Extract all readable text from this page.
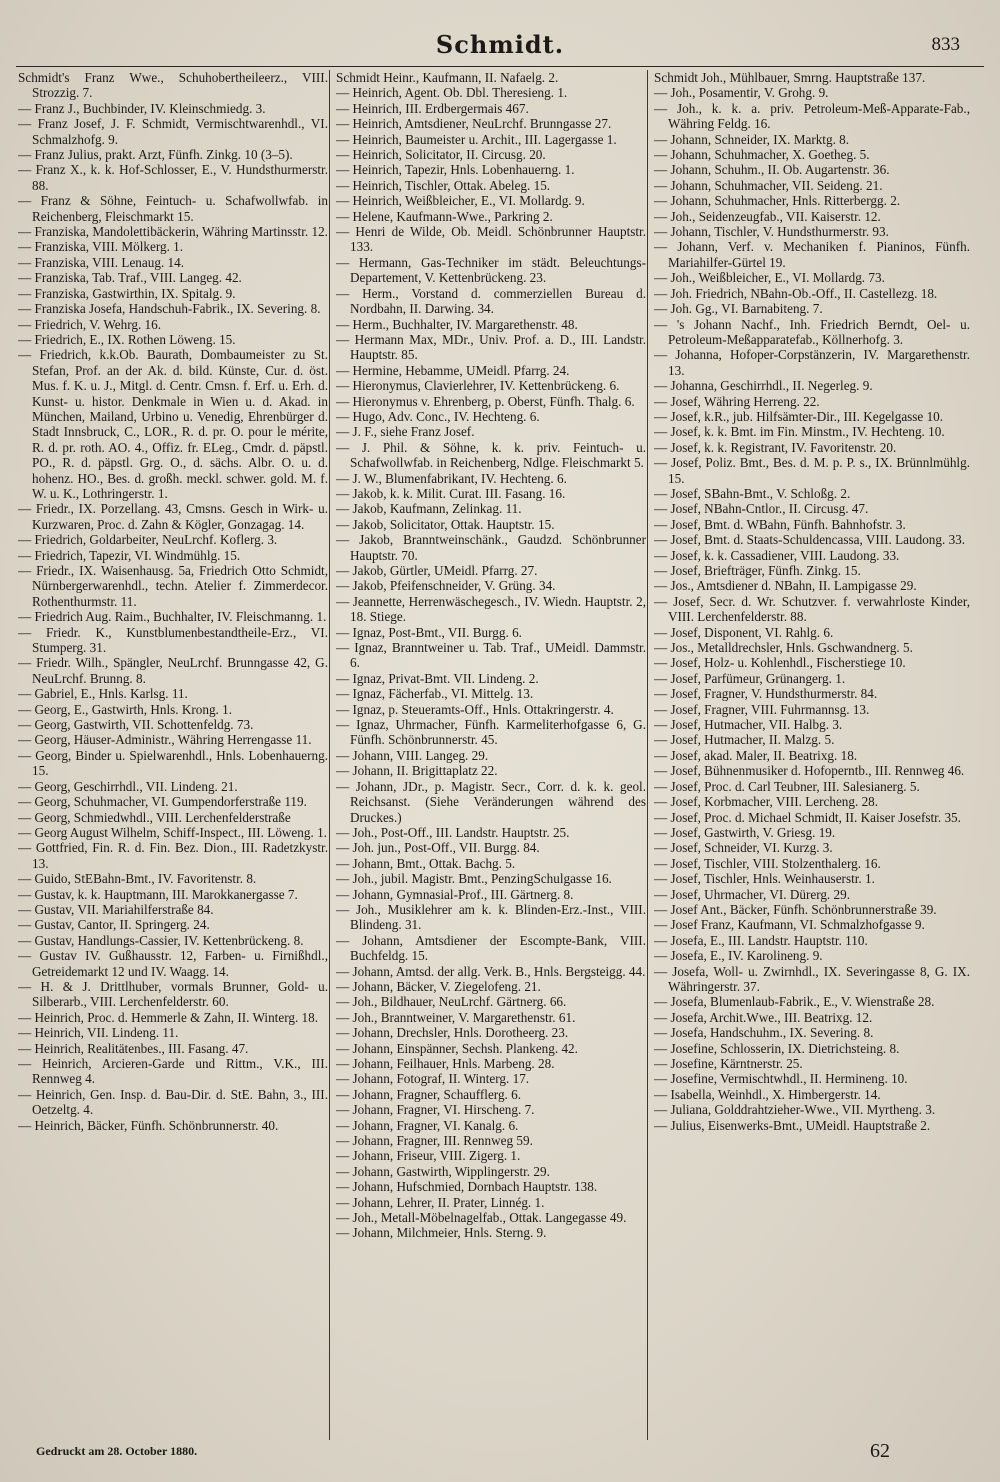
Schmidt.	833

Schmidt's Franz Wwe., Schuhobertheileerz., VIII. Strozzig. 7.

— Franz J., Buchbinder, IV. Kleinschmiedg. 3.

— Franz Josef, J. F. Schmidt, Vermischtwarenhdl., VI. Schmalzhofg. 9.

— Franz Julius, prakt. Arzt, Fünfh. Zinkg. 10 (3–5).

— Franz X., k. k. Hof-Schlosser, E., V. Hundsthurmerstr. 88.

— Franz & Söhne, Feintuch- u. Schafwollwfab. in Reichenberg, Fleischmarkt 15.

— Franziska, Mandolettibäckerin, Währing Martinsstr. 12.

— Franziska, VIII. Mölkerg. 1.

— Franziska, VIII. Lenaug. 14.

— Franziska, Tab. Traf., VIII. Langeg. 42.

— Franziska, Gastwirthin, IX. Spitalg. 9.

— Franziska Josefa, Handschuh-Fabrik., IX. Severing. 8.

— Friedrich, V. Wehrg. 16.

— Friedrich, E., IX. Rothen Löweng. 15.

— Friedrich, k.k.Ob. Baurath, Dombaumeister zu St. Stefan, Prof. an der Ak. d. bild. Künste, Cur. d. öst. Mus. f. K. u. J., Mitgl. d. Centr. Cmsn. f. Erf. u. Erh. d. Kunst- u. histor. Denkmale in Wien u. d. Akad. in München, Mailand, Urbino u. Venedig, Ehrenbürger d. Stadt Innsbruck, C., LOR., R. d. pr. O. pour le mérite, R. d. pr. roth. AO. 4., Offiz. fr. ELeg., Cmdr. d. päpstl. PO., R. d. päpstl. Grg. O., d. sächs. Albr. O. u. d. hohenz. HO., Bes. d. großh. meckl. schwer. gold. M. f. W. u. K., Lothringerstr. 1.

— Friedr., IX. Porzellang. 43, Cmsns. Gesch in Wirk- u. Kurzwaren, Proc. d. Zahn & Kögler, Gonzagag. 14.

— Friedrich, Goldarbeiter, NeuLrchf. Koflerg. 3.

— Friedrich, Tapezir, VI. Windmühlg. 15.

— Friedr., IX. Waisenhausg. 5a, Friedrich Otto Schmidt, Nürnbergerwarenhdl., techn. Atelier f. Zimmerdecor. Rothenthurmstr. 11.

— Friedrich Aug. Raim., Buchhalter, IV. Fleischmanng. 1.

— Friedr. K., Kunstblumenbestandtheile-Erz., VI. Stumperg. 31.

— Friedr. Wilh., Spängler, NeuLrchf. Brunngasse 42, G. NeuLrchf. Brunng. 8.

— Gabriel, E., Hnls. Karlsg. 11.

— Georg, E., Gastwirth, Hnls. Krong. 1.

— Georg, Gastwirth, VII. Schottenfeldg. 73.

— Georg, Häuser-Administr., Währing Herrengasse 11.

— Georg, Binder u. Spielwarenhdl., Hnls. Lobenhauerng. 15.

— Georg, Geschirrhdl., VII. Lindeng. 21.

— Georg, Schuhmacher, VI. Gumpendorferstraße 119.

— Georg, Schmiedwhdl., VIII. Lerchenfelderstraße

— Georg August Wilhelm, Schiff-Inspect., III. Löweng. 1.

— Gottfried, Fin. R. d. Fin. Bez. Dion., III. Radetzkystr. 13.

— Guido, StEBahn-Bmt., IV. Favoritenstr. 8.

— Gustav, k. k. Hauptmann, III. Marokkanergasse 7.

— Gustav, VII. Mariahilferstraße 84.

— Gustav, Cantor, II. Springerg. 24.

— Gustav, Handlungs-Cassier, IV. Kettenbrückeng. 8.

— Gustav IV. Gußhausstr. 12, Farben- u. Firnißhdl., Getreidemarkt 12 und IV. Waagg. 14.

— H. & J. Drittlhuber, vormals Brunner, Gold- u. Silberarb., VIII. Lerchenfelderstr. 60.

— Heinrich, Proc. d. Hemmerle & Zahn, II. Winterg. 18.

— Heinrich, VII. Lindeng. 11.

— Heinrich, Realitätenbes., III. Fasang. 47.

— Heinrich, Arcieren-Garde und Rittm., V.K., III. Rennweg 4.

— Heinrich, Gen. Insp. d. Bau-Dir. d. StE. Bahn, 3., III. Oetzeltg. 4.

— Heinrich, Bäcker, Fünfh. Schönbrunnerstr. 40.

Schmidt Heinr., Kaufmann, II. Nafaelg. 2.

— Heinrich, Agent. Ob. Dbl. Theresieng. 1.

— Heinrich, III. Erdbergermais 467.

— Heinrich, Amtsdiener, NeuLrchf. Brunngasse 27.

— Heinrich, Baumeister u. Archit., III. Lagergasse 1.

— Heinrich, Solicitator, II. Circusg. 20.

— Heinrich, Tapezir, Hnls. Lobenhauerng. 1.

— Heinrich, Tischler, Ottak. Abeleg. 15.

— Heinrich, Weißbleicher, E., VI. Mollardg. 9.

— Helene, Kaufmann-Wwe., Parkring 2.

— Henri de Wilde, Ob. Meidl. Schönbrunner Hauptstr. 133.

— Hermann, Gas-Techniker im städt. Beleuchtungs-Departement, V. Kettenbrückeng. 23.

— Herm., Vorstand d. commerziellen Bureau d. Nordbahn, II. Darwing. 34.

— Herm., Buchhalter, IV. Margarethenstr. 48.

— Hermann Max, MDr., Univ. Prof. a. D., III. Landstr. Hauptstr. 85.

— Hermine, Hebamme, UMeidl. Pfarrg. 24.

— Hieronymus, Clavierlehrer, IV. Kettenbrückeng. 6.

— Hieronymus v. Ehrenberg, p. Oberst, Fünfh. Thalg. 6.

— Hugo, Adv. Conc., IV. Hechteng. 6.

— J. F., siehe Franz Josef.

— J. Phil. & Söhne, k. k. priv. Feintuch- u. Schafwollwfab. in Reichenberg, Ndlge. Fleischmarkt 5.

— J. W., Blumenfabrikant, IV. Hechteng. 6.

— Jakob, k. k. Milit. Curat. III. Fasang. 16.

— Jakob, Kaufmann, Zelinkag. 11.

— Jakob, Solicitator, Ottak. Hauptstr. 15.

— Jakob, Branntweinschänk., Gaudzd. Schönbrunner Hauptstr. 70.

— Jakob, Gürtler, UMeidl. Pfarrg. 27.

— Jakob, Pfeifenschneider, V. Grüng. 34.

— Jeannette, Herrenwäschegesch., IV. Wiedn. Hauptstr. 2, 18. Stiege.

— Ignaz, Post-Bmt., VII. Burgg. 6.

— Ignaz, Branntweiner u. Tab. Traf., UMeidl. Dammstr. 6.

— Ignaz, Privat-Bmt. VII. Lindeng. 2.

— Ignaz, Fächerfab., VI. Mittelg. 13.

— Ignaz, p. Steueramts-Off., Hnls. Ottakringerstr. 4.

— Ignaz, Uhrmacher, Fünfh. Karmeliterhofgasse 6, G. Fünfh. Schönbrunnerstr. 45.

— Johann, VIII. Langeg. 29.

— Johann, II. Brigittaplatz 22.

— Johann, JDr., p. Magistr. Secr., Corr. d. k. k. geol. Reichsanst. (Siehe Veränderungen während des Druckes.)

— Joh., Post-Off., III. Landstr. Hauptstr. 25.

— Joh. jun., Post-Off., VII. Burgg. 84.

— Johann, Bmt., Ottak. Bachg. 5.

— Joh., jubil. Magistr. Bmt., PenzingSchulgasse 16.

— Johann, Gymnasial-Prof., III. Gärtnerg. 8.

— Joh., Musiklehrer am k. k. Blinden-Erz.-Inst., VIII. Blindeng. 31.

— Johann, Amtsdiener der Escompte-Bank, VIII. Buchfeldg. 15.

— Johann, Amtsd. der allg. Verk. B., Hnls. Bergsteigg. 44.

— Johann, Bäcker, V. Ziegelofeng. 21.

— Joh., Bildhauer, NeuLrchf. Gärtnerg. 66.

— Joh., Branntweiner, V. Margarethenstr. 61.

— Johann, Drechsler, Hnls. Dorotheerg. 23.

— Johann, Einspänner, Sechsh. Plankeng. 42.

— Johann, Feilhauer, Hnls. Marbeng. 28.

— Johann, Fotograf, II. Winterg. 17.

— Johann, Fragner, Schaufflerg. 6.

— Johann, Fragner, VI. Hirscheng. 7.

— Johann, Fragner, VI. Kanalg. 6.

— Johann, Fragner, III. Rennweg 59.

— Johann, Friseur, VIII. Zigerg. 1.

— Johann, Gastwirth, Wipplingerstr. 29.

— Johann, Hufschmied, Dornbach Hauptstr. 138.

— Johann, Lehrer, II. Prater, Linnég. 1.

— Joh., Metall-Möbelnagelfab., Ottak. Langegasse 49.

— Johann, Milchmeier, Hnls. Sterng. 9.

Schmidt Joh., Mühlbauer, Smrng. Hauptstraße 137.

— Joh., Posamentir, V. Grohg. 9.

— Joh., k. k. a. priv. Petroleum-Meß-Apparate-Fab., Währing Feldg. 16.

— Johann, Schneider, IX. Marktg. 8.

— Johann, Schuhmacher, X. Goetheg. 5.

— Johann, Schuhm., II. Ob. Augartenstr. 36.

— Johann, Schuhmacher, VII. Seideng. 21.

— Johann, Schuhmacher, Hnls. Ritterbergg. 2.

— Joh., Seidenzeugfab., VII. Kaiserstr. 12.

— Johann, Tischler, V. Hundsthurmerstr. 93.

— Johann, Verf. v. Mechaniken f. Pianinos, Fünfh. Mariahilfer-Gürtel 19.

— Joh., Weißbleicher, E., VI. Mollardg. 73.

— Joh. Friedrich, NBahn-Ob.-Off., II. Castellezg. 18.

— Joh. Gg., VI. Barnabiteng. 7.

— 's Johann Nachf., Inh. Friedrich Berndt, Oel- u. Petroleum-Meßapparatefab., Köllnerhofg. 3.

— Johanna, Hofoper-Corpstänzerin, IV. Margarethenstr. 13.

— Johanna, Geschirrhdl., II. Negerleg. 9.

— Josef, Währing Herreng. 22.

— Josef, k.R., jub. Hilfsämter-Dir., III. Kegelgasse 10.

— Josef, k. k. Bmt. im Fin. Minstm., IV. Hechteng. 10.

— Josef, k. k. Registrant, IV. Favoritenstr. 20.

— Josef, Poliz. Bmt., Bes. d. M. p. P. s., IX. Brünnlmühlg. 15.

— Josef, SBahn-Bmt., V. Schloßg. 2.

— Josef, NBahn-Cntlor., II. Circusg. 47.

— Josef, Bmt. d. WBahn, Fünfh. Bahnhofstr. 3.

— Josef, Bmt. d. Staats-Schuldencassa, VIII. Laudong. 33.

— Josef, k. k. Cassadiener, VIII. Laudong. 33.

— Josef, Briefträger, Fünfh. Zinkg. 15.

— Jos., Amtsdiener d. NBahn, II. Lampigasse 29.

— Josef, Secr. d. Wr. Schutzver. f. verwahrloste Kinder, VIII. Lerchenfelderstr. 88.

— Josef, Disponent, VI. Rahlg. 6.

— Jos., Metalldrechsler, Hnls. Gschwandnerg. 5.

— Josef, Holz- u. Kohlenhdl., Fischerstiege 10.

— Josef, Parfümeur, Grünangerg. 1.

— Josef, Fragner, V. Hundsthurmerstr. 84.

— Josef, Fragner, VIII. Fuhrmannsg. 13.

— Josef, Hutmacher, VII. Halbg. 3.

— Josef, Hutmacher, II. Malzg. 5.

— Josef, akad. Maler, II. Beatrixg. 18.

— Josef, Bühnenmusiker d. Hofoperntb., III. Rennweg 46.

— Josef, Proc. d. Carl Teubner, III. Salesianerg. 5.

— Josef, Korbmacher, VIII. Lercheng. 28.

— Josef, Proc. d. Michael Schmidt, II. Kaiser Josefstr. 35.

— Josef, Gastwirth, V. Griesg. 19.

— Josef, Schneider, VI. Kurzg. 3.

— Josef, Tischler, VIII. Stolzenthalerg. 16.

— Josef, Tischler, Hnls. Weinhauserstr. 1.

— Josef, Uhrmacher, VI. Dürerg. 29.

— Josef Ant., Bäcker, Fünfh. Schönbrunnerstraße 39.

— Josef Franz, Kaufmann, VI. Schmalzhofgasse 9.

— Josefa, E., III. Landstr. Hauptstr. 110.

— Josefa, E., IV. Karolineng. 9.

— Josefa, Woll- u. Zwirnhdl., IX. Severingasse 8, G. IX. Währingerstr. 37.

— Josefa, Blumenlaub-Fabrik., E., V. Wienstraße 28.

— Josefa, Archit.Wwe., III. Beatrixg. 12.

— Josefa, Handschuhm., IX. Severing. 8.

— Josefine, Schlosserin, IX. Dietrichsteing. 8.

— Josefine, Kärntnerstr. 25.

— Josefine, Vermischtwhdl., II. Hermineng. 10.

— Isabella, Weinhdl., X. Himbergerstr. 14.

— Juliana, Golddrahtzieher-Wwe., VII. Myrtheng. 3.

— Julius, Eisenwerks-Bmt., UMeidl. Hauptstraße 2.

Gedruckt am 28. October 1880.	62
